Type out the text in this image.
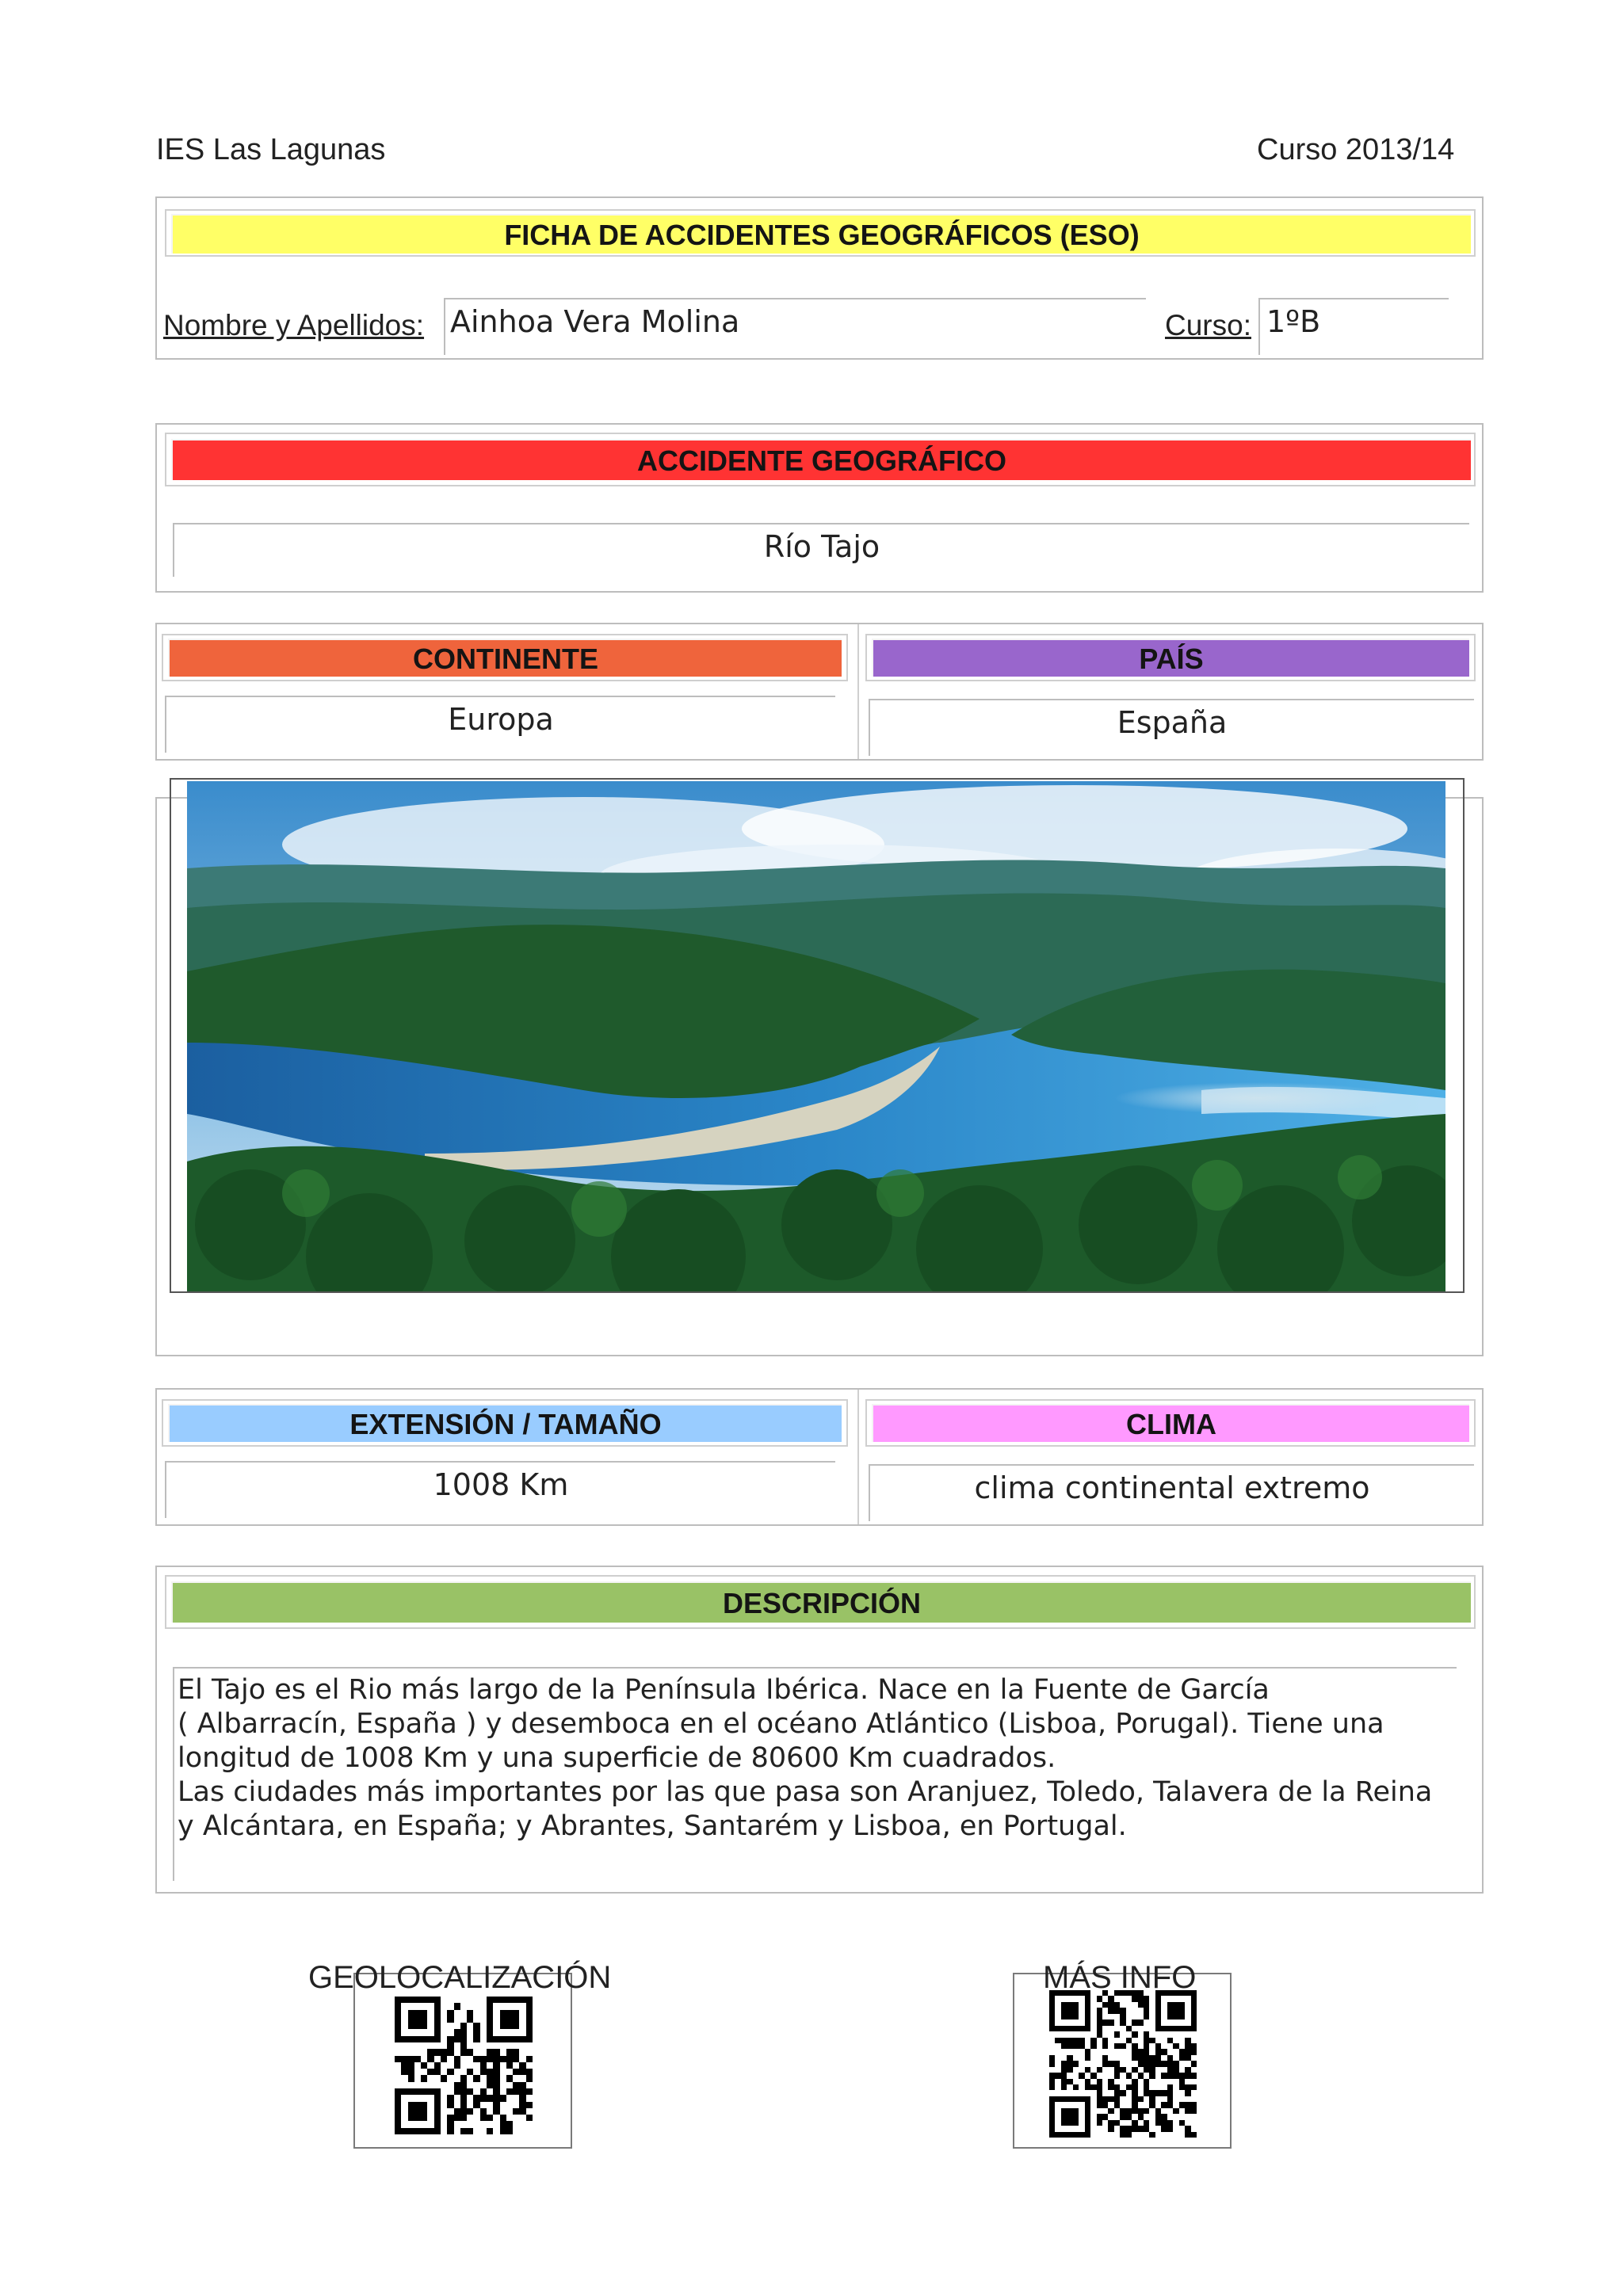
IES Las Lagunas	Curso 2013/14
FICHA DE ACCIDENTES GEOGRÁFICOS (ESO)
Nombre y Apellidos: Ainhoa Vera Molina	Curso: 1ºB
ACCIDENTE GEOGRÁFICO
Río Tajo
CONTINENTE	PAÍS
Europa	España
EXTENSIÓN / TAMAÑO	CLIMA
1008 Km	clima continental extremo
DESCRIPCIÓN
El Tajo es el Rio más largo de la Península Ibérica. Nace en la Fuente de García
( Albarracín, España ) y desemboca en el océano Atlántico (Lisboa, Porugal). Tiene una
longitud de 1008 Km y una superficie de 80600 Km cuadrados.
Las ciudades más importantes por las que pasa son Aranjuez, Toledo, Talavera de la Reina
y Alcántara, en España; y Abrantes, Santarém y Lisboa, en Portugal.
GEOLOCALIZACIÓN	MÁS INFO
